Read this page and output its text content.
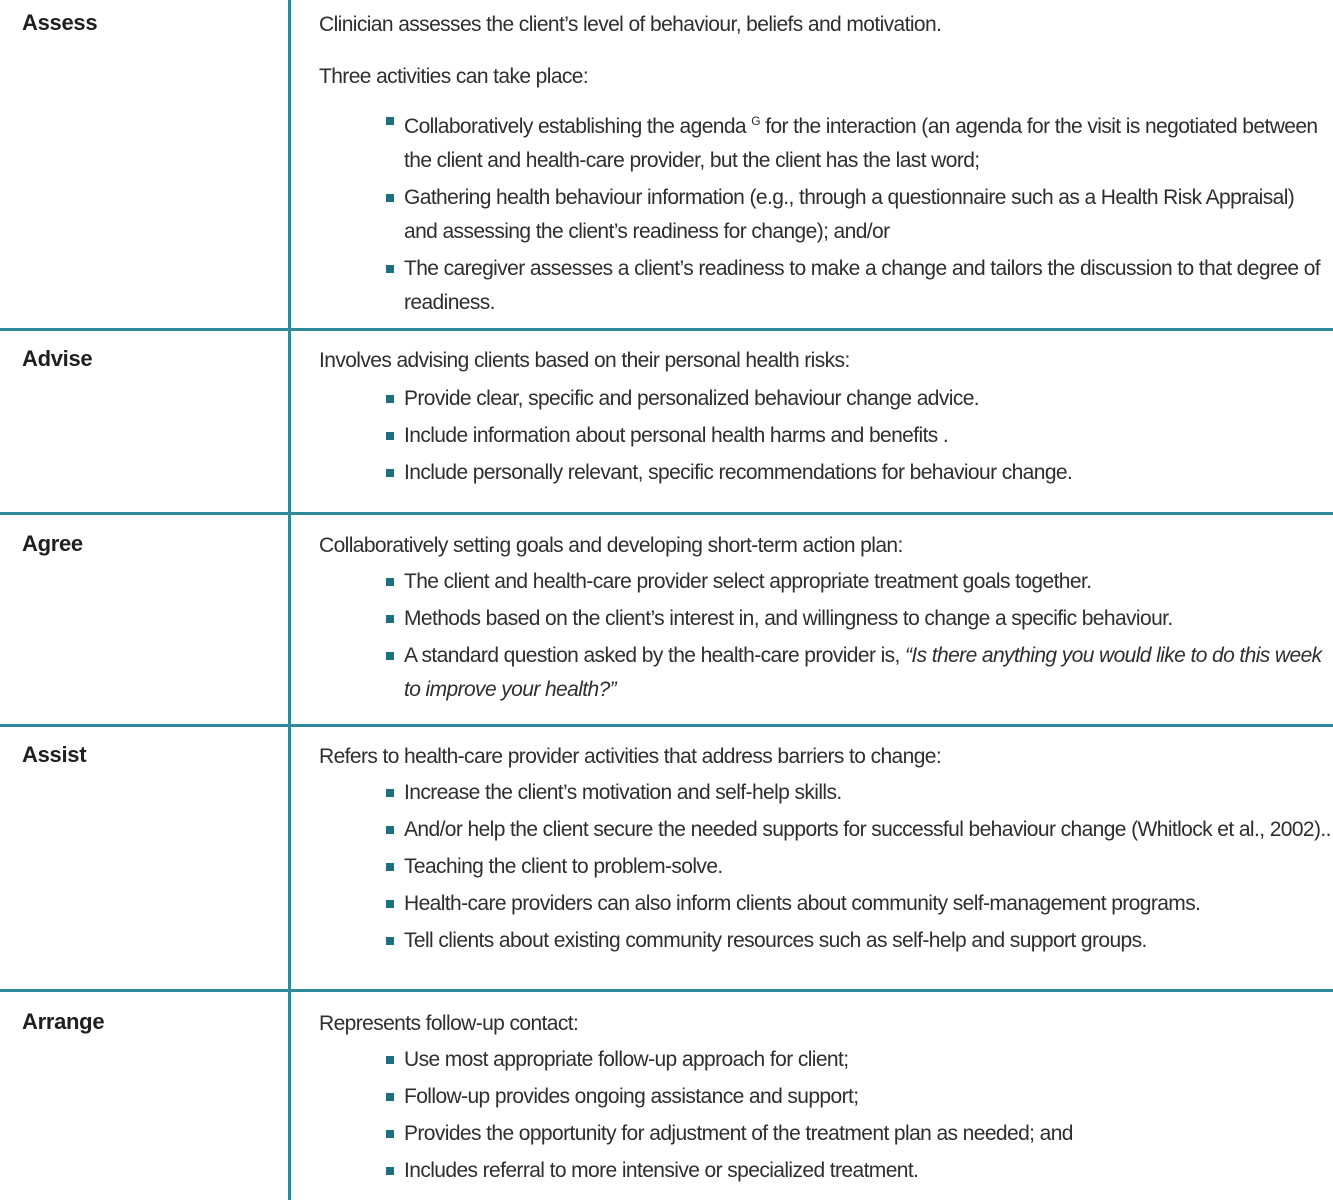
Assess	Clinician assesses the client’s level of behaviour, beliefs and motivation.

Three activities can take place:

Collaboratively establishing the agenda $^G$ for the interaction (an agenda for the visit is negotiated between the client and health-care provider, but the client has the last word;
Gathering health behaviour information (e.g., through a questionnaire such as a Health Risk Appraisal) and assessing the client’s readiness for change); and/or
The caregiver assesses a client’s readiness to make a change and tailors the discussion to that degree of readiness.
Advise	Involves advising clients based on their personal health risks:

Provide clear, specific and personalized behaviour change advice.
Include information about personal health harms and benefits .
Include personally relevant, specific recommendations for behaviour change.
Agree	Collaboratively setting goals and developing short-term action plan:

The client and health-care provider select appropriate treatment goals together.
Methods based on the client’s interest in, and willingness to change a specific behaviour.
A standard question asked by the health-care provider is, “Is there anything you would like to do this week to improve your health?”
Assist	Refers to health-care provider activities that address barriers to change:

Increase the client’s motivation and self-help skills.
And/or help the client secure the needed supports for successful behaviour change (Whitlock et al., 2002)..
Teaching the client to problem-solve.
Health-care providers can also inform clients about community self-management programs.
Tell clients about existing community resources such as self-help and support groups.
Arrange	Represents follow-up contact:

Use most appropriate follow-up approach for client;
Follow-up provides ongoing assistance and support;
Provides the opportunity for adjustment of the treatment plan as needed; and
Includes referral to more intensive or specialized treatment.
